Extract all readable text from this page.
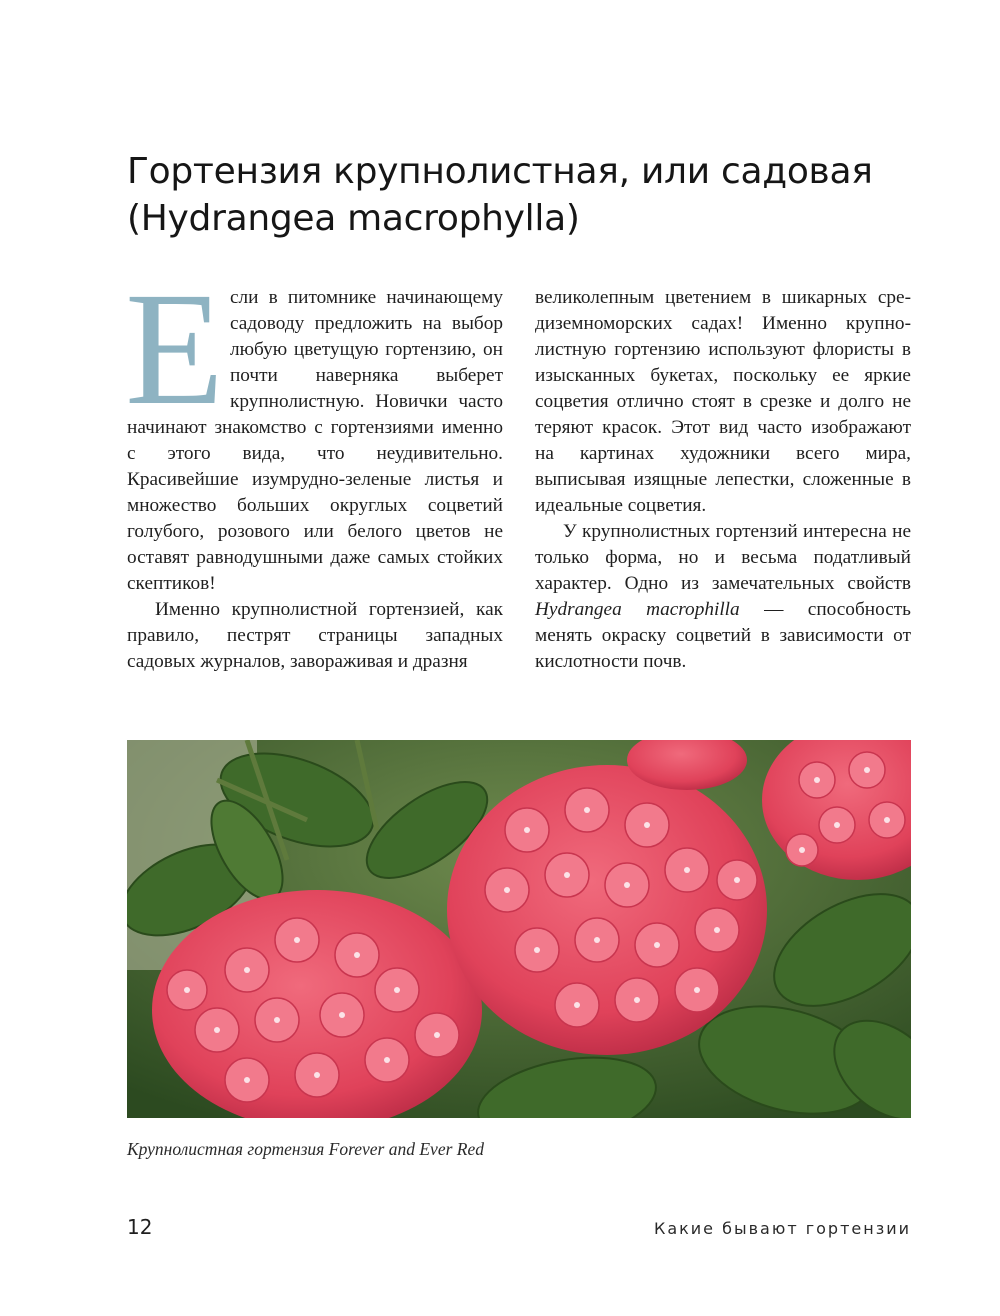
Гортензия крупнолистная, или садовая
(Hydrangea macrophylla)

Если в питомнике начинающему садоводу предложить на выбор любую цветущую гортензию, он почти наверняка выберет крупнолистную. Новички часто начинают знакомство с гортензиями именно с этого вида, что неудивительно. Красивейшие изумрудно-зеленые листья и множество больших округлых соцветий голубого, розового или белого цветов не оставят равнодушными даже самых стойких скептиков!

Именно крупнолистной гортензией, как правило, пестрят страницы западных садовых журналов, завораживая и дразня

великолепным цветением в шикарных средиземноморских садах! Именно крупнолистную гортензию используют флористы в изысканных букетах, поскольку ее яркие соцветия отлично стоят в срезке и долго не теряют красок. Этот вид часто изображают на картинах художники всего мира, выписывая изящные лепестки, сложенные в идеальные соцветия.

У крупнолистных гортензий интересна не только форма, но и весьма податливый характер. Одно из замечательных свойств Hydrangea macrophilla — способность менять окраску соцветий в зависимости от кислотности почв.

Крупнолистная гортензия Forever and Ever Red
12	Какие бывают гортензии
